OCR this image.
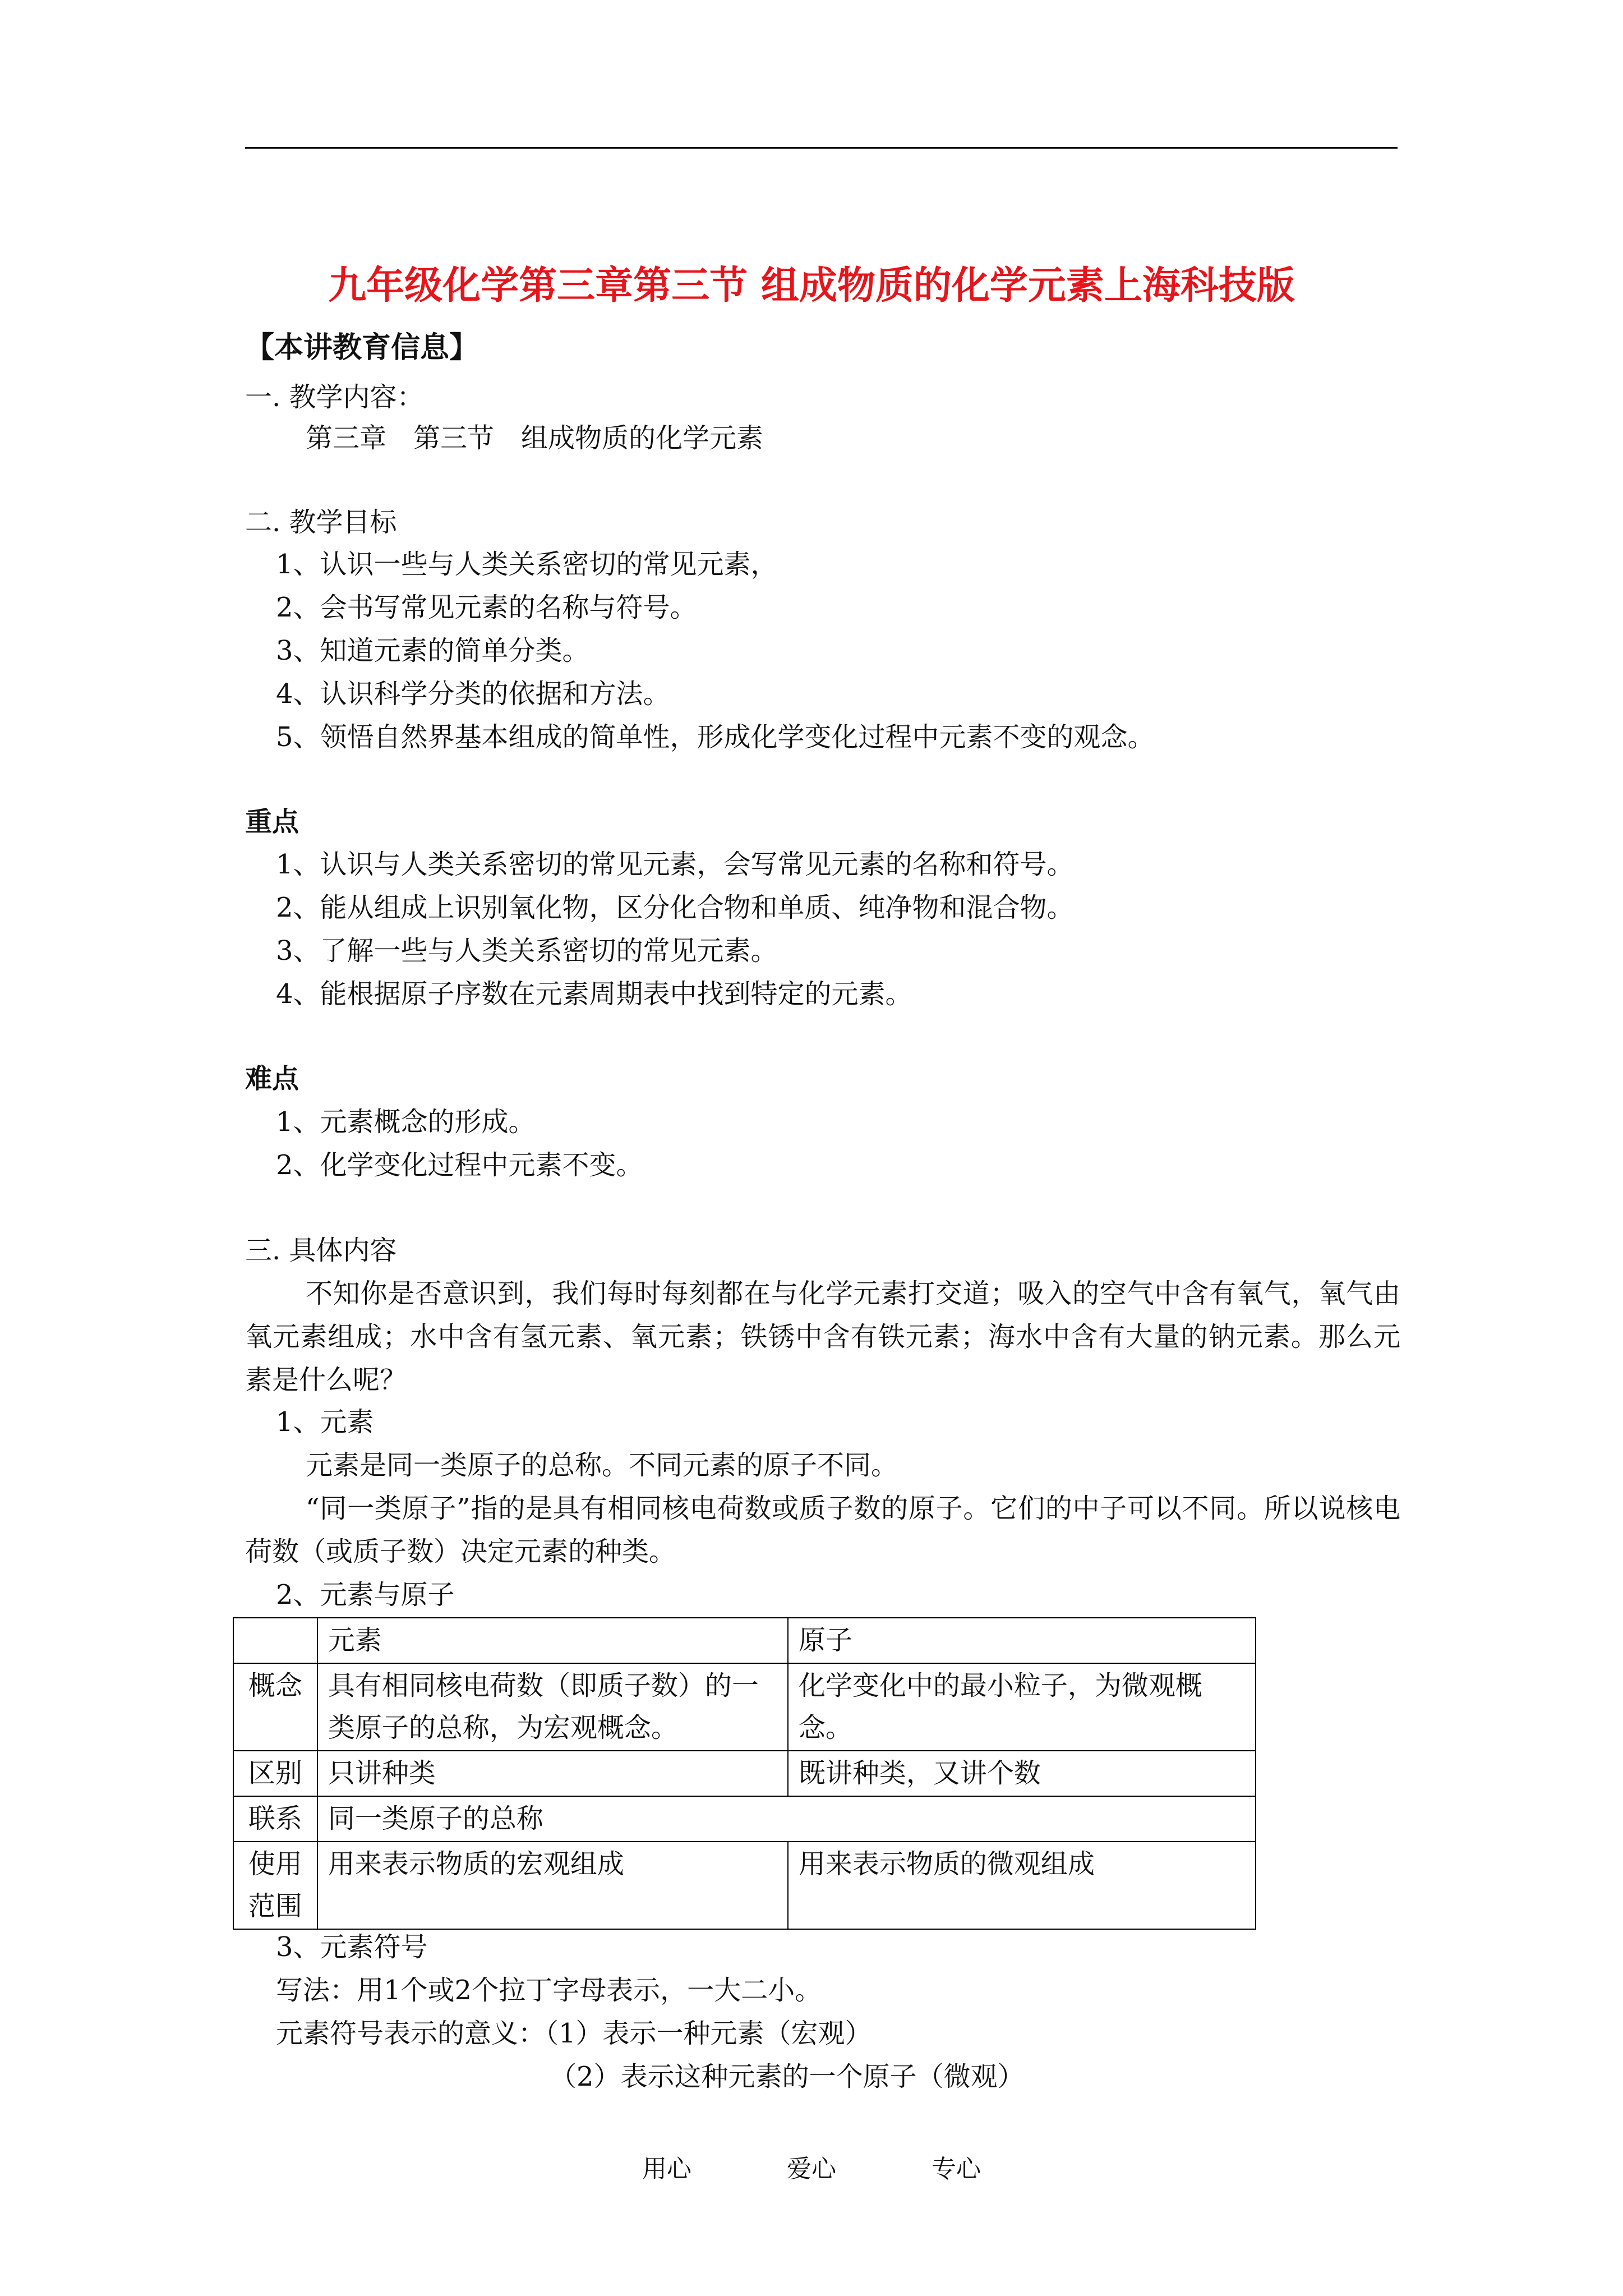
九年级化学第三章第三节 组成物质的化学元素上海科技版
【本讲教育信息】
一. 教学内容：
第三章　第三节　组成物质的化学元素
二. 教学目标
1、认识一些与人类关系密切的常见元素，
2、会书写常见元素的名称与符号。
3、知道元素的简单分类。
4、认识科学分类的依据和方法。
5、领悟自然界基本组成的简单性，形成化学变化过程中元素不变的观念。
重点
1、认识与人类关系密切的常见元素，会写常见元素的名称和符号。
2、能从组成上识别氧化物，区分化合物和单质、纯净物和混合物。
3、了解一些与人类关系密切的常见元素。
4、能根据原子序数在元素周期表中找到特定的元素。
难点
1、元素概念的形成。
2、化学变化过程中元素不变。
三. 具体内容
不知你是否意识到，我们每时每刻都在与化学元素打交道；吸入的空气中含有氧气，氧气由氧元素组成；水中含有氢元素、氧元素；铁锈中含有铁元素；海水中含有大量的钠元素。那么元素是什么呢？
1、元素
元素是同一类原子的总称。不同元素的原子不同。
“同一类原子”指的是具有相同核电荷数或质子数的原子。它们的中子可以不同。所以说核电荷数（或质子数）决定元素的种类。
2、元素与原子
	元素	原子
概念	具有相同核电荷数（即质子数）的一类原子的总称，为宏观概念。	化学变化中的最小粒子，为微观概念。
区别	只讲种类	既讲种类，又讲个数
联系	同一类原子的总称	
使用范围	用来表示物质的宏观组成	用来表示物质的微观组成
3、元素符号
写法：用1个或2个拉丁字母表示，一大二小。
元素符号表示的意义：（1）表示一种元素（宏观）
（2）表示这种元素的一个原子（微观）
用心	爱心	专心
